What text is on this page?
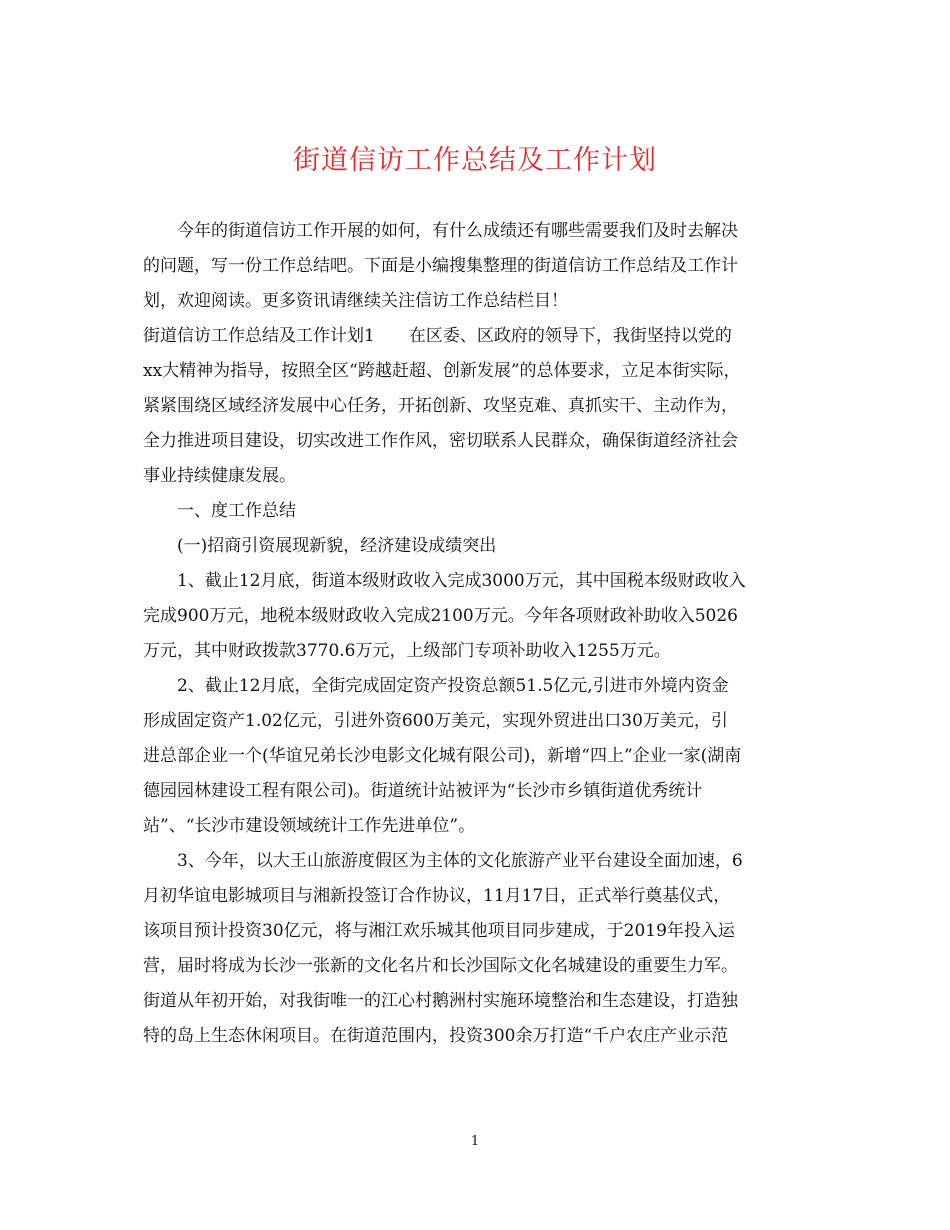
街道信访工作总结及工作计划
今年的街道信访工作开展的如何，有什么成绩还有哪些需要我们及时去解决
的问题，写一份工作总结吧。下面是小编搜集整理的街道信访工作总结及工作计
划，欢迎阅读。更多资讯请继续关注信访工作总结栏目！
街道信访工作总结及工作计划1　　在区委、区政府的领导下，我街坚持以党的
xx大精神为指导，按照全区“跨越赶超、创新发展”的总体要求，立足本街实际，
紧紧围绕区域经济发展中心任务，开拓创新、攻坚克难、真抓实干、主动作为，
全力推进项目建设，切实改进工作作风，密切联系人民群众，确保街道经济社会
事业持续健康发展。
一、度工作总结
(一)招商引资展现新貌，经济建设成绩突出
1、截止12月底，街道本级财政收入完成3000万元，其中国税本级财政收入
完成900万元，地税本级财政收入完成2100万元。今年各项财政补助收入5026
万元，其中财政拨款3770.6万元，上级部门专项补助收入1255万元。
2、截止12月底，全街完成固定资产投资总额51.5亿元,引进市外境内资金
形成固定资产1.02亿元，引进外资600万美元，实现外贸进出口30万美元，引
进总部企业一个(华谊兄弟长沙电影文化城有限公司)，新增“四上”企业一家(湖南
德园园林建设工程有限公司)。街道统计站被评为“长沙市乡镇街道优秀统计
站”、“长沙市建设领域统计工作先进单位”。
3、今年，以大王山旅游度假区为主体的文化旅游产业平台建设全面加速，6
月初华谊电影城项目与湘新投签订合作协议，11月17日，正式举行奠基仪式，
该项目预计投资30亿元，将与湘江欢乐城其他项目同步建成，于2019年投入运
营，届时将成为长沙一张新的文化名片和长沙国际文化名城建设的重要生力军。
街道从年初开始，对我街唯一的江心村鹅洲村实施环境整治和生态建设，打造独
特的岛上生态休闲项目。在街道范围内，投资300余万打造“千户农庄产业示范
1
